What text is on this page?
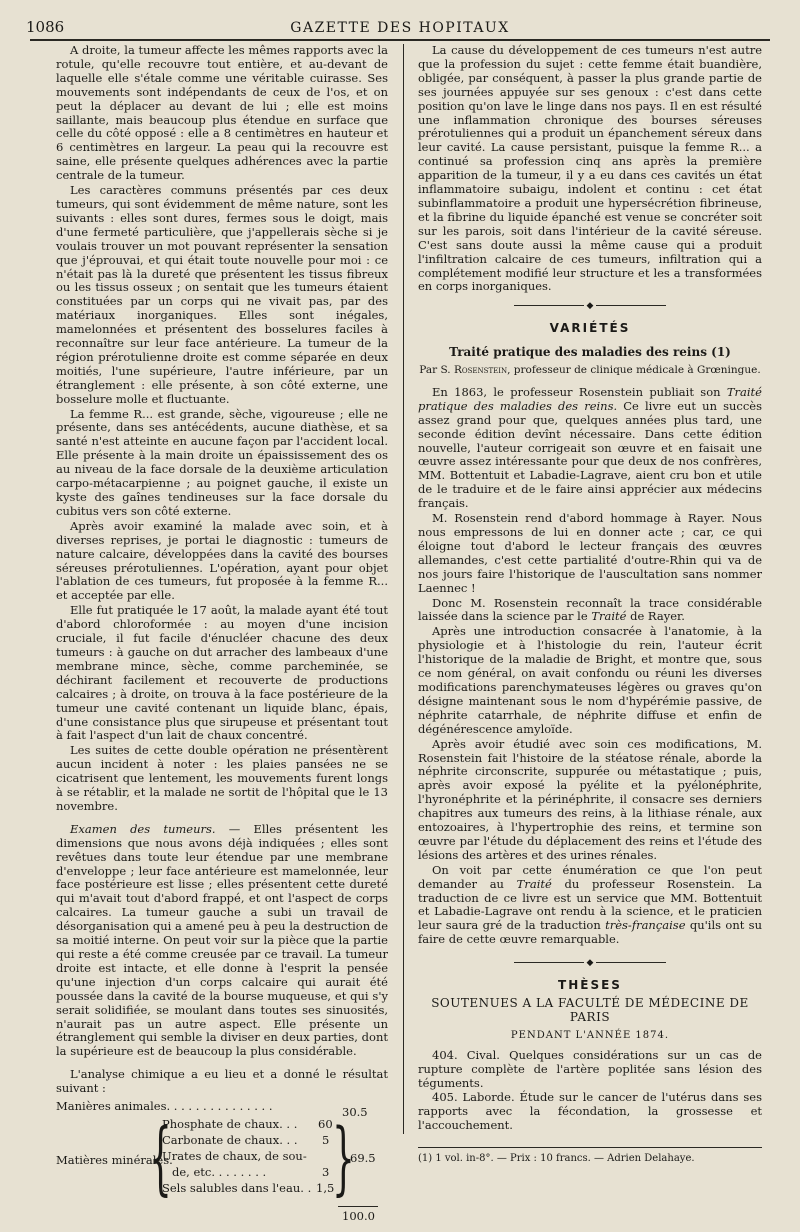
1086	GAZETTE DES HOPITAUX

A droite, la tumeur affecte les mêmes rapports avec la rotule, qu'elle recouvre tout entière, et au-devant de laquelle elle s'étale comme une véritable cuirasse. Ses mouvements sont indépendants de ceux de l'os, et on peut la déplacer au devant de lui ; elle est moins saillante, mais beaucoup plus étendue en surface que celle du côté opposé : elle a 8 centimètres en hauteur et 6 centimètres en largeur. La peau qui la recouvre est saine, elle présente quelques adhérences avec la partie centrale de la tumeur.

Les caractères communs présentés par ces deux tumeurs, qui sont évidemment de même nature, sont les suivants : elles sont dures, fermes sous le doigt, mais d'une fermeté particulière, que j'appellerais sèche si je voulais trouver un mot pouvant représenter la sensation que j'éprouvai, et qui était toute nouvelle pour moi : ce n'était pas là la dureté que présentent les tissus fibreux ou les tissus osseux ; on sentait que les tumeurs étaient constituées par un corps qui ne vivait pas, par des matériaux inorganiques. Elles sont inégales, mamelonnées et présentent des bosselures faciles à reconnaître sur leur face antérieure. La tumeur de la région prérotulienne droite est comme séparée en deux moitiés, l'une supérieure, l'autre inférieure, par un étranglement : elle présente, à son côté externe, une bosselure molle et fluctuante.

La femme R... est grande, sèche, vigoureuse ; elle ne présente, dans ses antécédents, aucune diathèse, et sa santé n'est atteinte en aucune façon par l'accident local. Elle présente à la main droite un épaississement des os au niveau de la face dorsale de la deuxième articulation carpo-métacarpienne ; au poignet gauche, il existe un kyste des gaînes tendineuses sur la face dorsale du cubitus vers son côté externe.

Après avoir examiné la malade avec soin, et à diverses reprises, je portai le diagnostic : tumeurs de nature calcaire, développées dans la cavité des bourses séreuses prérotuliennes. L'opération, ayant pour objet l'ablation de ces tumeurs, fut proposée à la femme R... et acceptée par elle.

Elle fut pratiquée le 17 août, la malade ayant été tout d'abord chloroformée : au moyen d'une incision cruciale, il fut facile d'énucléer chacune des deux tumeurs : à gauche on dut arracher des lambeaux d'une membrane mince, sèche, comme parcheminée, se déchirant facilement et recouverte de productions calcaires ; à droite, on trouva à la face postérieure de la tumeur une cavité contenant un liquide blanc, épais, d'une consistance plus que sirupeuse et présentant tout à fait l'aspect d'un lait de chaux concentré.

Les suites de cette double opération ne présentèrent aucun incident à noter : les plaies pansées ne se cicatrisent que lentement, les mouvements furent longs à se rétablir, et la malade ne sortit de l'hôpital que le 13 novembre.

Examen des tumeurs. — Elles présentent les dimensions que nous avons déjà indiquées ; elles sont revêtues dans toute leur étendue par une membrane d'enveloppe ; leur face antérieure est mamelonnée, leur face postérieure est lisse ; elles présentent cette dureté qui m'avait tout d'abord frappé, et ont l'aspect de corps calcaires. La tumeur gauche a subi un travail de désorganisation qui a amené peu à peu la destruction de sa moitié interne. On peut voir sur la pièce que la partie qui reste a été comme creusée par ce travail. La tumeur droite est intacte, et elle donne à l'esprit la pensée qu'une injection d'un corps calcaire qui aurait été poussée dans la cavité de la bourse muqueuse, et qui s'y serait solidifiée, se moulant dans toutes ses sinuosités, n'aurait pas un autre aspect. Elle présente un étranglement qui semble la diviser en deux parties, dont la supérieure est de beaucoup la plus considérable.

L'analyse chimique a eu lieu et a donné le résultat suivant :

Manières animales. . . . . . . . . . . . . . .	30.5
Matières minérales.
{
Phosphate de chaux. . . 60
Carbonate de chaux. . . 5
Urates de chaux, de sou-
de, etc. . . . . . . .	3
Sels salubles dans l'eau. . 1,5
}
69.5
100.0

La cause du développement de ces tumeurs n'est autre que la profession du sujet : cette femme était buandière, obligée, par conséquent, à passer la plus grande partie de ses journées appuyée sur ses genoux : c'est dans cette position qu'on lave le linge dans nos pays. Il en est résulté une inflammation chronique des bourses séreuses prérotuliennes qui a produit un épanchement séreux dans leur cavité. La cause persistant, puisque la femme R... a continué sa profession cinq ans après la première apparition de la tumeur, il y a eu dans ces cavités un état inflammatoire subaigu, indolent et continu : cet état subinflammatoire a produit une hypersécrétion fibrineuse, et la fibrine du liquide épanché est venue se concréter soit sur les parois, soit dans l'intérieur de la cavité séreuse. C'est sans doute aussi la même cause qui a produit l'infiltration calcaire de ces tumeurs, infiltration qui a complétement modifié leur structure et les a transformées en corps inorganiques.

◆
VARIÉTÉS
Traité pratique des maladies des reins (1)
Par S. Rosenstein, professeur de clinique médicale à Grœningue.

En 1863, le professeur Rosenstein publiait son Traité pratique des maladies des reins. Ce livre eut un succès assez grand pour que, quelques années plus tard, une seconde édition devînt nécessaire. Dans cette édition nouvelle, l'auteur corrigeait son œuvre et en faisait une œuvre assez intéressante pour que deux de nos confrères, MM. Bottentuit et Labadie-Lagrave, aient cru bon et utile de le traduire et de le faire ainsi apprécier aux médecins français.

M. Rosenstein rend d'abord hommage à Rayer. Nous nous empressons de lui en donner acte ; car, ce qui éloigne tout d'abord le lecteur français des œuvres allemandes, c'est cette partialité d'outre-Rhin qui va de nos jours faire l'historique de l'auscultation sans nommer Laennec !

Donc M. Rosenstein reconnaît la trace considérable laissée dans la science par le Traité de Rayer.

Après une introduction consacrée à l'anatomie, à la physiologie et à l'histologie du rein, l'auteur écrit l'historique de la maladie de Bright, et montre que, sous ce nom général, on avait confondu ou réuni les diverses modifications parenchymateuses légères ou graves qu'on désigne maintenant sous le nom d'hypérémie passive, de néphrite catarrhale, de néphrite diffuse et enfin de dégénérescence amyloïde.

Après avoir étudié avec soin ces modifications, M. Rosenstein fait l'histoire de la stéatose rénale, aborde la néphrite circonscrite, suppurée ou métastatique ; puis, après avoir exposé la pyélite et la pyélonéphrite, l'hyronéphrite et la périnéphrite, il consacre ses derniers chapitres aux tumeurs des reins, à la lithiase rénale, aux entozoaires, à l'hypertrophie des reins, et termine son œuvre par l'étude du déplacement des reins et l'étude des lésions des artères et des urines rénales.

On voit par cette énumération ce que l'on peut demander au Traité du professeur Rosenstein. La traduction de ce livre est un service que MM. Bottentuit et Labadie-Lagrave ont rendu à la science, et le praticien leur saura gré de la traduction très-française qu'ils ont su faire de cette œuvre remarquable.

◆
THÈSES
SOUTENUES A LA FACULTÉ DE MÉDECINE DE PARIS
PENDANT L'ANNÉE 1874.

404. Cival. Quelques considérations sur un cas de rupture complète de l'artère poplitée sans lésion des téguments.

405. Laborde. Étude sur le cancer de l'utérus dans ses rapports avec la fécondation, la grossesse et l'accouchement.

(1) 1 vol. in-8°. — Prix : 10 francs. — Adrien Delahaye.
